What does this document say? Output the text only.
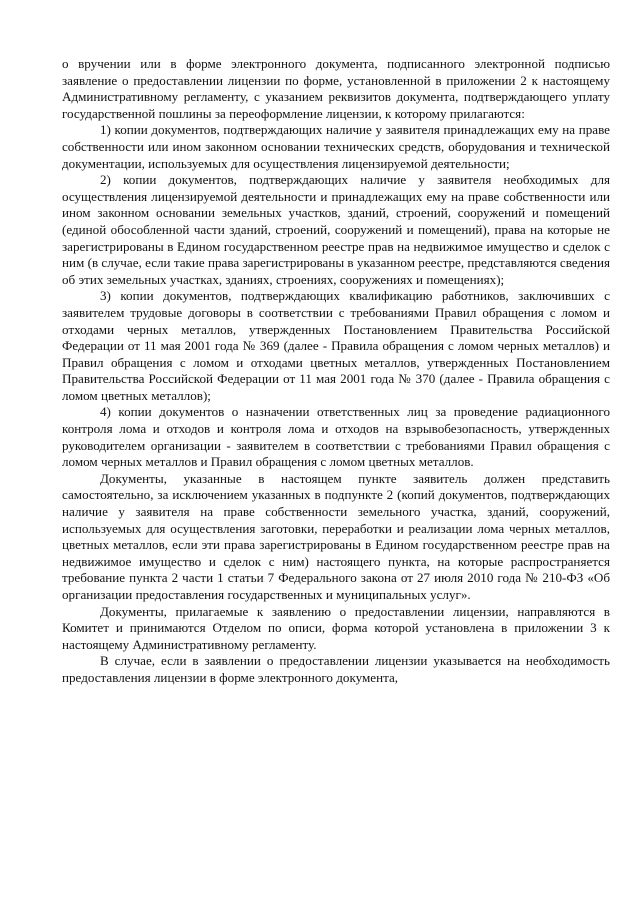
о вручении или в форме электронного документа, подписанного электронной подписью заявление о предоставлении лицензии по форме, установленной в приложении 2 к настоящему Административному регламенту, с указанием реквизитов документа, подтверждающего уплату государственной пошлины за переоформление лицензии, к которому прилагаются:

1) копии документов, подтверждающих наличие у заявителя принадлежащих ему на праве собственности или ином законном основании технических средств, оборудования и технической документации, используемых для осуществления лицензируемой деятельности;

2) копии документов, подтверждающих наличие у заявителя необходимых для осуществления лицензируемой деятельности и принадлежащих ему на праве собственности или ином законном основании земельных участков, зданий, строений, сооружений и помещений (единой обособленной части зданий, строений, сооружений и помещений), права на которые не зарегистрированы в Едином государственном реестре прав на недвижимое имущество и сделок с ним (в случае, если такие права зарегистрированы в указанном реестре, представляются сведения об этих земельных участках, зданиях, строениях, сооружениях и помещениях);

3) копии документов, подтверждающих квалификацию работников, заключивших с заявителем трудовые договоры в соответствии с требованиями Правил обращения с ломом и отходами черных металлов, утвержденных Постановлением Правительства Российской Федерации от 11 мая 2001 года № 369 (далее - Правила обращения с ломом черных металлов) и Правил обращения с ломом и отходами цветных металлов, утвержденных Постановлением Правительства Российской Федерации от 11 мая 2001 года № 370 (далее - Правила обращения с ломом цветных металлов);

4) копии документов о назначении ответственных лиц за проведение радиационного контроля лома и отходов и контроля лома и отходов на взрывобезопасность, утвержденных руководителем организации - заявителем в соответствии с требованиями Правил обращения с ломом черных металлов и Правил обращения с ломом цветных металлов.

Документы, указанные в настоящем пункте заявитель должен представить самостоятельно, за исключением указанных в подпункте 2 (копий документов, подтверждающих наличие у заявителя на праве собственности земельного участка, зданий, сооружений, используемых для осуществления заготовки, переработки и реализации лома черных металлов, цветных металлов, если эти права зарегистрированы в Едином государственном реестре прав на недвижимое имущество и сделок с ним) настоящего пункта, на которые распространяется требование пункта 2 части 1 статьи 7 Федерального закона от 27 июля 2010 года № 210-ФЗ «Об организации предоставления государственных и муниципальных услуг».

Документы, прилагаемые к заявлению о предоставлении лицензии, направляются в Комитет и принимаются Отделом по описи, форма которой установлена в приложении 3 к настоящему Административному регламенту.

В случае, если в заявлении о предоставлении лицензии указывается на необходимость предоставления лицензии в форме электронного документа,
